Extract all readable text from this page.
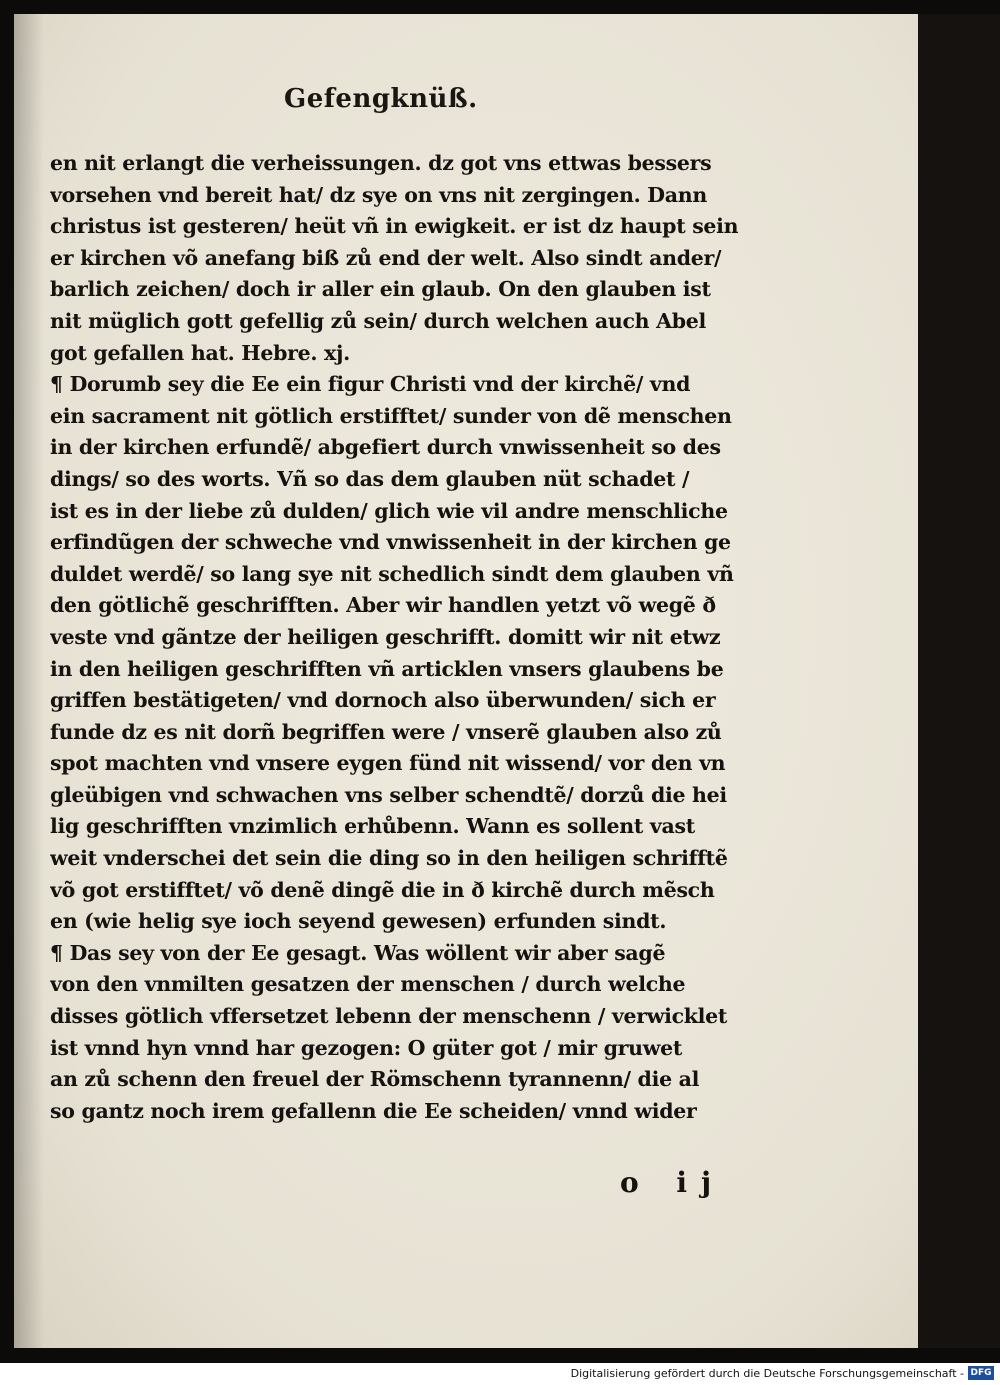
Gefengknüß.
en nit erlangt die verheissungen. dz got vns ettwas bessers
vorsehen vnd bereit hat/ dz sye on vns nit zergingen. Dann
christus ist gesteren/ heüt vñ in ewigkeit. er ist dz haupt sein
er kirchen võ anefang biß zů end der welt. Also sindt ander/
barlich zeichen/ doch ir aller ein glaub. On den glauben ist
nit müglich gott gefellig zů sein/ durch welchen auch Abel
got gefallen hat. Hebre. xj.
¶ Dorumb sey die Ee ein figur Christi vnd der kirchẽ/ vnd
ein sacrament nit götlich erstifftet/ sunder von dẽ menschen
in der kirchen erfundẽ/ abgefiert durch vnwissenheit so des
dings/ so des worts. Vñ so das dem glauben nüt schadet /
ist es in der liebe zů dulden/ glich wie vil andre menschliche
erfindũgen der schweche vnd vnwissenheit in der kirchen ge
duldet werdẽ/ so lang sye nit schedlich sindt dem glauben vñ
den götlichẽ geschrifften. Aber wir handlen yetzt võ wegẽ ð
veste vnd gãntze der heiligen geschrifft. domitt wir nit etwz
in den heiligen geschrifften vñ articklen vnsers glaubens be
griffen bestätigeten/ vnd dornoch also überwunden/ sich er
funde dz es nit dorñ begriffen were / vnserẽ glauben also zů
spot machten vnd vnsere eygen fünd nit wissend/ vor den vn
gleübigen vnd schwachen vns selber schendtẽ/ dorzů die hei
lig geschrifften vnzimlich erhůbenn. Wann es sollent vast
weit vnderschei det sein die ding so in den heiligen schrifftẽ
võ got erstifftet/ võ denẽ dingẽ die in ð kirchẽ durch mẽsch
en (wie helig sye ioch seyend gewesen) erfunden sindt.
¶ Das sey von der Ee gesagt. Was wöllent wir aber sagẽ
von den vnmilten gesatzen der menschen / durch welche
disses götlich vffersetzet lebenn der menschenn / verwicklet
ist vnnd hyn vnnd har gezogen: O güter got / mir gruwet
an zů schenn den freuel der Römschenn tyrannenn/ die al
so gantz noch irem gefallenn die Ee scheiden/ vnnd wider
o ij
Digitalisierung gefördert durch die Deutsche Forschungsgemeinschaft - DFG
